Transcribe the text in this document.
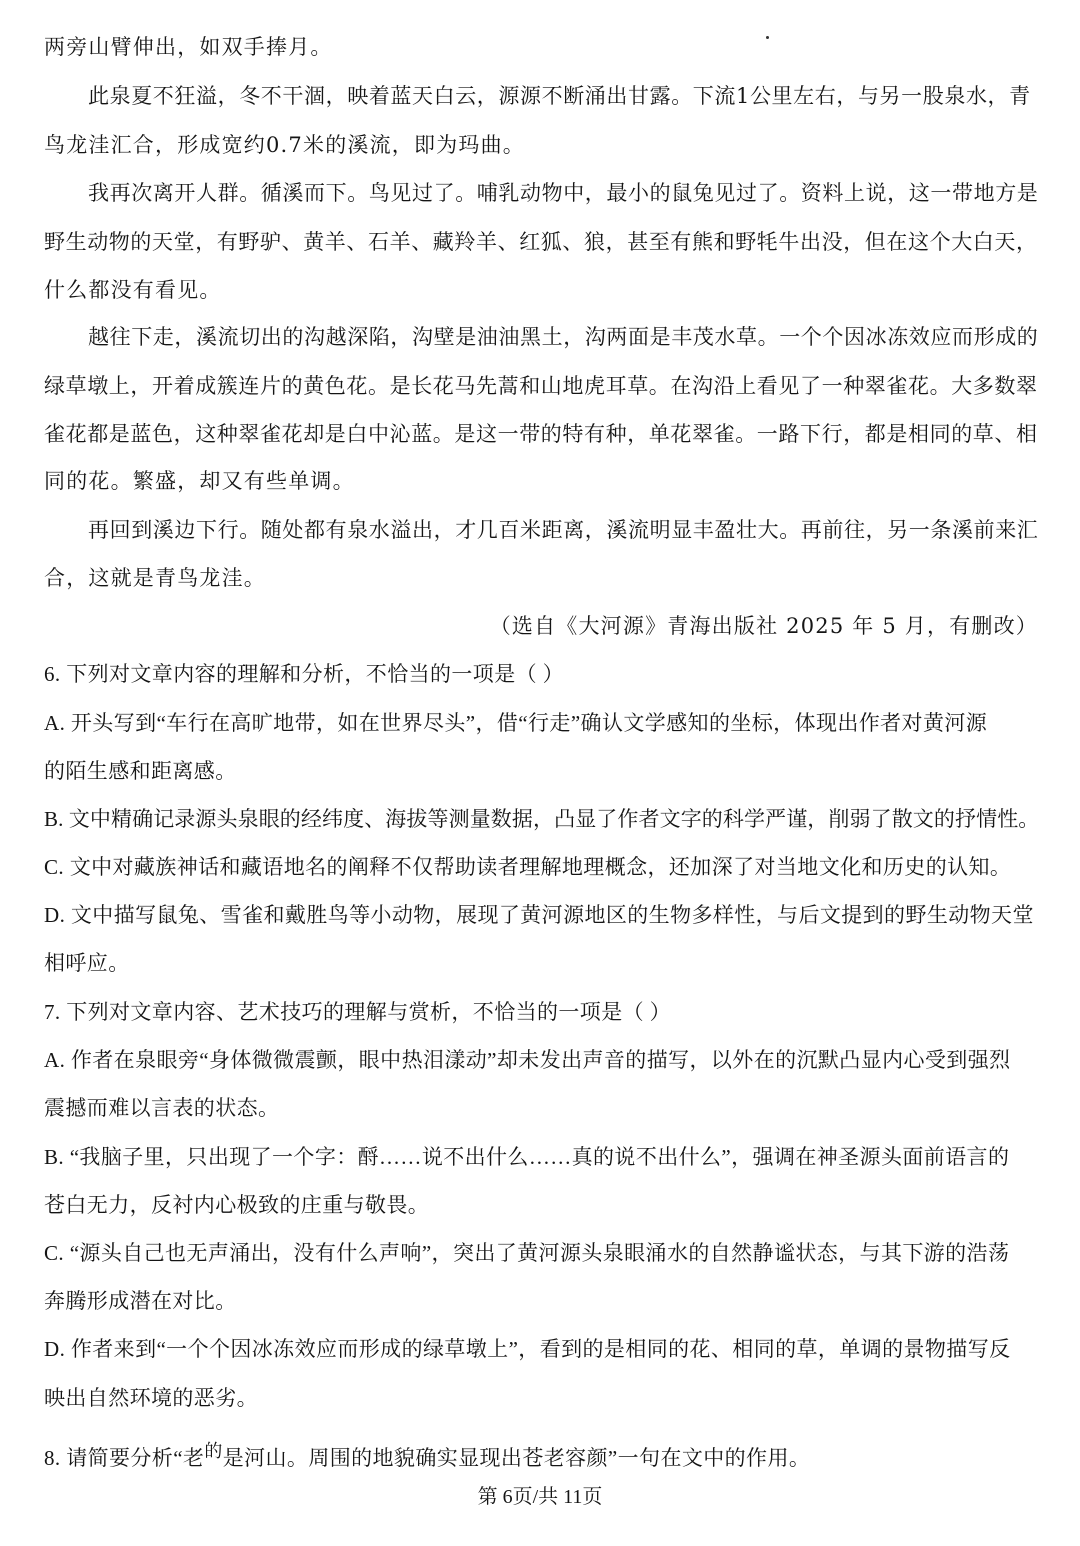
两旁山臂伸出，如双手捧月。
此泉夏不狂溢，冬不干涸，映着蓝天白云，源源不断涌出甘露。下流1公里左右，与另一股泉水，青
鸟龙洼汇合，形成宽约0.7米的溪流，即为玛曲。
我再次离开人群。循溪而下。鸟见过了。哺乳动物中，最小的鼠兔见过了。资料上说，这一带地方是
野生动物的天堂，有野驴、黄羊、石羊、藏羚羊、红狐、狼，甚至有熊和野牦牛出没，但在这个大白天，
什么都没有看见。
越往下走，溪流切出的沟越深陷，沟壁是油油黑土，沟两面是丰茂水草。一个个因冰冻效应而形成的
绿草墩上，开着成簇连片的黄色花。是长花马先蒿和山地虎耳草。在沟沿上看见了一种翠雀花。大多数翠
雀花都是蓝色，这种翠雀花却是白中沁蓝。是这一带的特有种，单花翠雀。一路下行，都是相同的草、相
同的花。繁盛，却又有些单调。
再回到溪边下行。随处都有泉水溢出，才几百米距离，溪流明显丰盈壮大。再前往，另一条溪前来汇
合，这就是青鸟龙洼。
（选自《大河源》青海出版社 2025 年 5 月，有删改）
6. 下列对文章内容的理解和分析，不恰当的一项是（ ）
A. 开头写到“车行在高旷地带，如在世界尽头”，借“行走”确认文学感知的坐标，体现出作者对黄河源
的陌生感和距离感。
B. 文中精确记录源头泉眼的经纬度、海拔等测量数据，凸显了作者文字的科学严谨，削弱了散文的抒情性。
C. 文中对藏族神话和藏语地名的阐释不仅帮助读者理解地理概念，还加深了对当地文化和历史的认知。
D. 文中描写鼠兔、雪雀和戴胜鸟等小动物，展现了黄河源地区的生物多样性，与后文提到的野生动物天堂
相呼应。
7. 下列对文章内容、艺术技巧的理解与赏析，不恰当的一项是（ ）
A. 作者在泉眼旁“身体微微震颤，眼中热泪漾动”却未发出声音的描写，以外在的沉默凸显内心受到强烈
震撼而难以言表的状态。
B. “我脑子里，只出现了一个字：酹……说不出什么……真的说不出什么”，强调在神圣源头面前语言的
苍白无力，反衬内心极致的庄重与敬畏。
C. “源头自己也无声涌出，没有什么声响”，突出了黄河源头泉眼涌水的自然静谧状态，与其下游的浩荡
奔腾形成潜在对比。
D. 作者来到“一个个因冰冻效应而形成的绿草墩上”，看到的是相同的花、相同的草，单调的景物描写反
映出自然环境的恶劣。
8. 请简要分析“老的是河山。周围的地貌确实显现出苍老容颜”一句在文中的作用。
第 6页/共 11页
